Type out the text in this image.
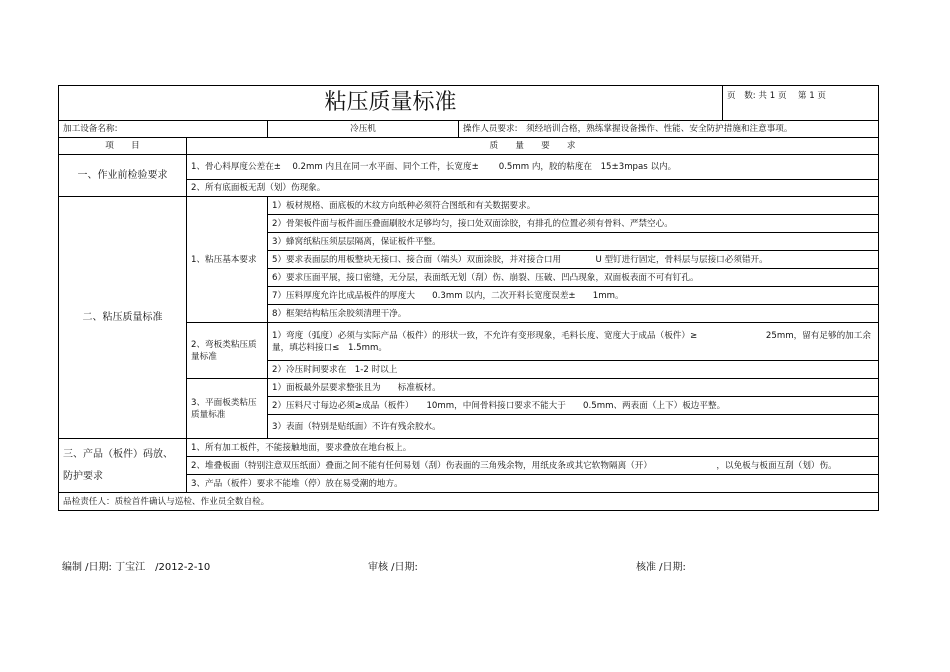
粘压质量标准				页　数: 共 1 页　 第 1 页
加工设备名称:		冷压机	操作人员要求:　 须经培训合格，熟练掌握设备操作、性能、安全防护措施和注意事项。	
项　　目	质　　量　　要　　求			
一、作业前检验要求	1、骨心料厚度公差在± 　0.2mm 内且在同一水平面、同个工件，长宽度± 　　0.5mm 内，胶的粘度在　15±3mpas 以内。			
	2、所有底面板无刮（划）伤现象。			
二、粘压质量标准	1、粘压基本要求	1）板材规格、面底板的木纹方向纸种必须符合图纸和有关数据要求。		
		2）骨架板件面与板件面压叠面刷胶水足够均匀，接口处双面涂胶，有排孔的位置必须有骨料、严禁空心。		
		3）蜂窝纸粘压须层层隔离，保证板件平整。		
		5）要求表面层的用板整块无接口、接合面（端头）双面涂胶，并对接合口用　　　　U 型钉进行固定，骨料层与层接口必须错开。		
		6）要求压面平展，接口密缝，无分层，表面纸无划（刮）伤、崩裂、压破、凹凸现象，双面板表面不可有钉孔。		
		7）压料厚度允许比成品板件的厚度大　　0.3mm 以内，二次开料长宽度误差±　　1mm。		
		8）框架结构粘压余胶须清理干净。		
	2、弯板类粘压质量标准	1）弯度（弧度）必须与实际产品（板件）的形状一致，不允许有变形现象，毛料长度、宽度大于成品（板件）≥　　　　　　　　25mm，留有足够的加工余量，填芯料接口≤　1.5mm。		
		2）冷压时间要求在　1-2 时以上		
	3、平面板类粘压质量标准	1）面板最外层要求整张且为　　标准板材。		
		2）压料尺寸每边必须≥成品（板件）　　10mm，中间骨料接口要求不能大于　　0.5mm、两表面（上下）板边平整。		
		3）表面（特别是贴纸面）不许有残余胶水。		
三、产品（板件）码放、防护要求	1、所有加工板件，不能接触地面，要求叠放在地台板上。			
	2、堆叠板面（特别注意双压纸面）叠面之间不能有任何易划（刮）伤表面的三角残余物，用纸皮条或其它软物隔离（开）　　　　　　　　，以免板与板面互刮（划）伤。			
	3、产品（板件）要求不能堆（停）放在易受潮的地方。			
品检责任人：质检首件确认与巡检、作业员全数自检。				
编制 /日期: 丁宝江　/2012-2-10	审核 /日期:	核准 /日期:
